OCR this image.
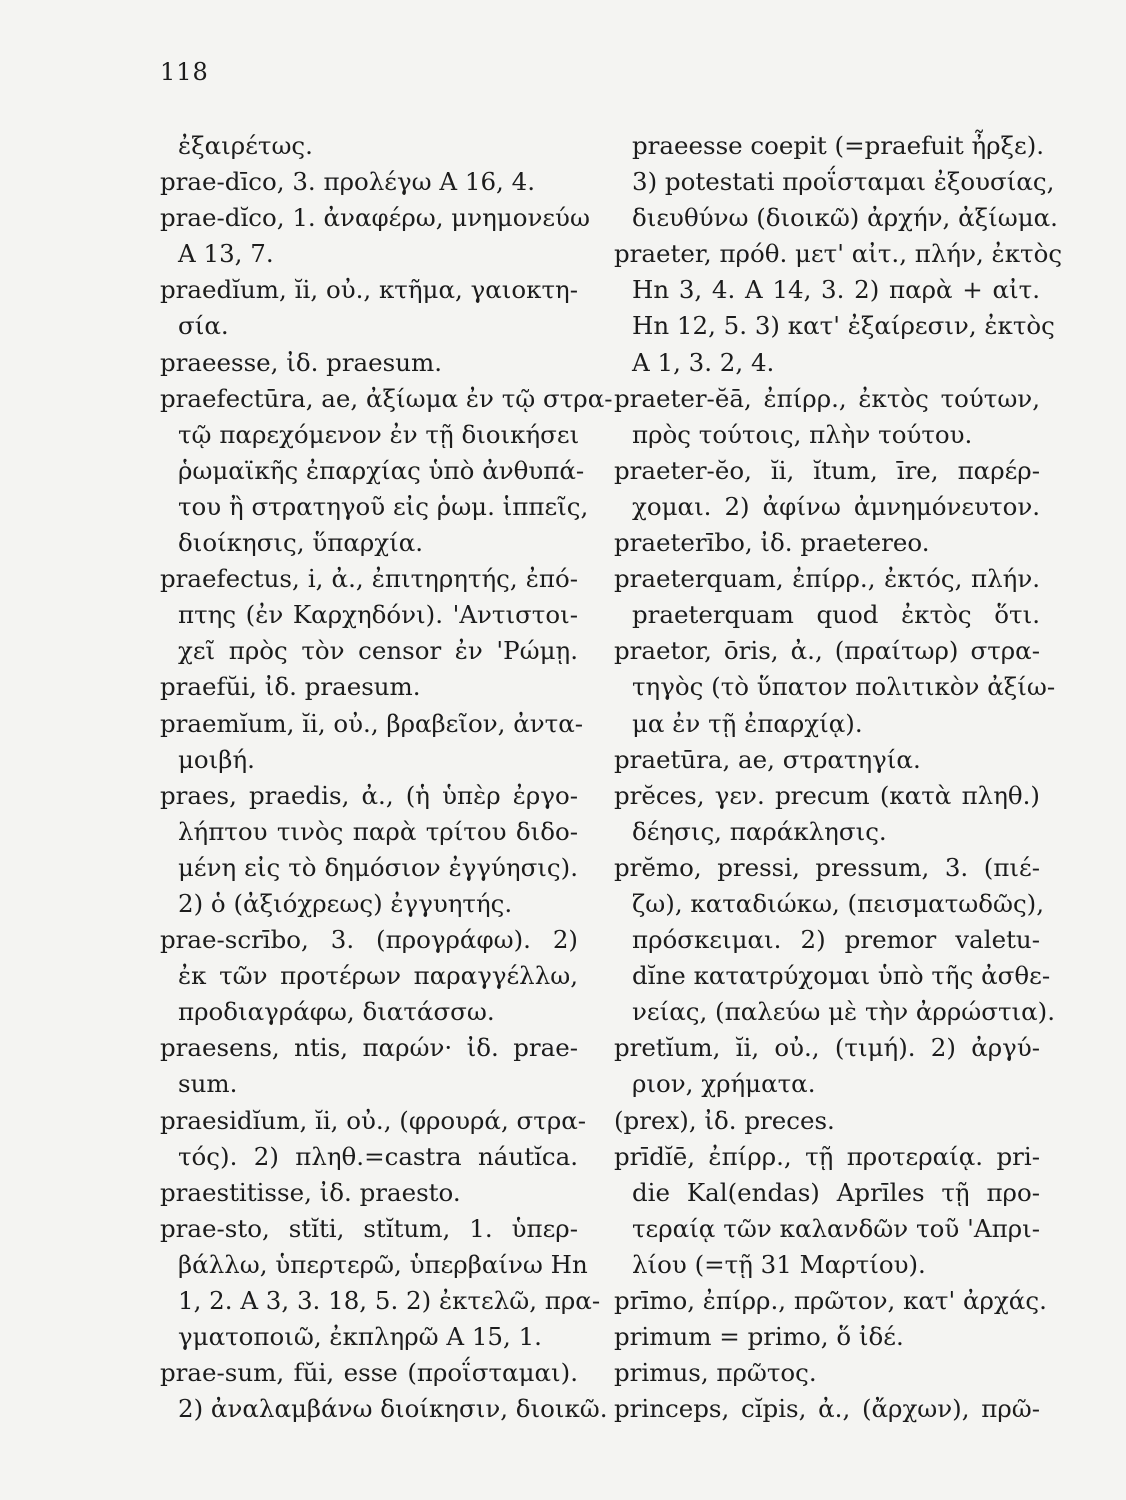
118
ἐξαιρέτως.
prae-dīco, 3. προλέγω Α 16, 4.
prae-dĭco, 1. ἀναφέρω, μνημονεύω
Α 13, 7.
praedĭum, ĭi, οὐ., κτῆμα, γαιοκτη-
σία.
praeesse, ἰδ. praesum.
praefectūra, ae, ἀξίωμα ἐν τῷ στρα-
τῷ παρεχόμενον ἐν τῇ διοικήσει
ῥωμαϊκῆς ἐπαρχίας ὑπὸ ἀνθυπά-
του ἢ στρατηγοῦ εἰς ῥωμ. ἱππεῖς,
διοίκησις, ὕπαρχία.
praefectus, i, ἀ., ἐπιτηρητής, ἐπό-
πτης (ἐν Καρχηδόνι). 'Αντιστοι-
χεῖ πρὸς τὸν censor ἐν 'Ρώμῃ.
praefŭi, ἰδ. praesum.
praemĭum, ĭi, οὐ., βραβεῖον, ἀντα-
μοιβή.
praes, praedis, ἀ., (ἡ ὑπὲρ ἐργο-
λήπτου τινὸς παρὰ τρίτου διδο-
μένη εἰς τὸ δημόσιον ἐγγύησις).
2) ὁ (ἀξιόχρεως) ἐγγυητής.
prae-scrībo, 3. (προγράφω). 2)
ἐκ τῶν προτέρων παραγγέλλω,
προδιαγράφω, διατάσσω.
praesens, ntis, παρών· ἰδ. prae-
sum.
praesidĭum, ĭi, οὐ., (φρουρά, στρα-
τός). 2) πληθ.=castra náutĭca.
praestitisse, ἰδ. praesto.
prae-sto, stĭti, stĭtum, 1. ὑπερ-
βάλλω, ὑπερτερῶ, ὑπερβαίνω Ηn
1, 2. Α 3, 3. 18, 5. 2) ἐκτελῶ, πρα-
γματοποιῶ, ἐκπληρῶ Α 15, 1.
prae-sum, fŭi, esse (προΐσταμαι).
2) ἀναλαμβάνω διοίκησιν, διοικῶ.
praeesse coepit (=praefuit ἦρξε).
3) potestati προΐσταμαι ἐξουσίας,
διευθύνω (διοικῶ) ἀρχήν, ἀξίωμα.
praeter, πρόθ. μετ' αἰτ., πλήν, ἐκτὸς
Ηn 3, 4. Α 14, 3. 2) παρὰ + αἰτ.
Ηn 12, 5. 3) κατ' ἐξαίρεσιν, ἐκτὸς
Α 1, 3. 2, 4.
praeter-ĕā, ἐπίρρ., ἐκτὸς τούτων,
πρὸς τούτοις, πλὴν τούτου.
praeter-ĕo, ĭi, ĭtum, īre, παρέρ-
χομαι. 2) ἀφίνω ἀμνημόνευτον.
praeterībo, ἰδ. praetereo.
praeterquam, ἐπίρρ., ἐκτός, πλήν.
praeterquam quod ἐκτὸς ὅτι.
praetor, ōris, ἀ., (πραίτωρ) στρα-
τηγὸς (τὸ ὕπατον πολιτικὸν ἀξίω-
μα ἐν τῇ ἐπαρχίᾳ).
praetūra, ae, στρατηγία.
prĕces, γεν. precum (κατὰ πληθ.)
δέησις, παράκλησις.
prĕmo, pressi, pressum, 3. (πιέ-
ζω), καταδιώκω, (πεισματωδῶς),
πρόσκειμαι. 2) premor valetu-
dĭne κατατρύχομαι ὑπὸ τῆς ἀσθε-
νείας, (παλεύω μὲ τὴν ἀρρώστια).
pretĭum, ĭi, οὐ., (τιμή). 2) ἀργύ-
ριον, χρήματα.
(prex), ἰδ. preces.
prīdĭē, ἐπίρρ., τῇ προτεραίᾳ. pri-
die Kal(endas) Aprīles τῇ προ-
τεραίᾳ τῶν καλανδῶν τοῦ 'Απρι-
λίου (=τῇ 31 Μαρτίου).
prīmo, ἐπίρρ., πρῶτον, κατ' ἀρχάς.
primum = primo, ὅ ἰδέ.
primus, πρῶτος.
princeps, cĭpis, ἀ., (ἄρχων), πρῶ-
